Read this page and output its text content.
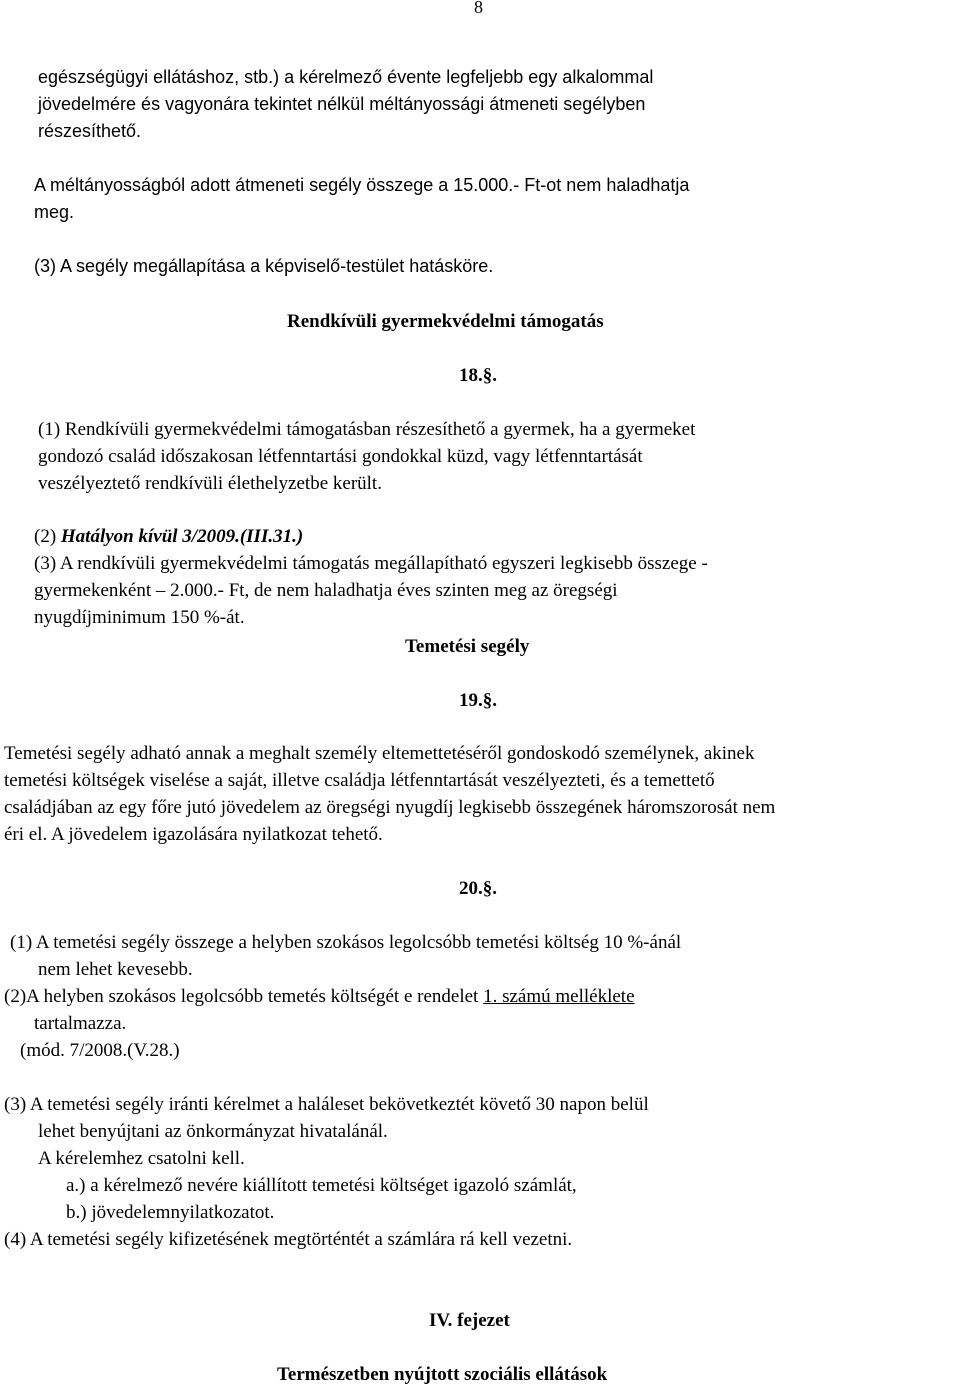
8
egészségügyi ellátáshoz, stb.) a kérelmező évente legfeljebb egy alkalommal
jövedelmére és vagyonára tekintet nélkül méltányossági átmeneti segélyben
részesíthető.
A méltányosságból adott átmeneti segély összege a 15.000.- Ft-ot nem haladhatja
meg.
(3) A segély megállapítása a képviselő-testület hatásköre.
Rendkívüli gyermekvédelmi támogatás
18.§.
(1) Rendkívüli gyermekvédelmi támogatásban részesíthető a gyermek, ha a gyermeket
gondozó család időszakosan létfenntartási gondokkal küzd, vagy létfenntartását
veszélyeztető rendkívüli élethelyzetbe került.
(2) Hatályon kívül 3/2009.(III.31.)
(3) A rendkívüli gyermekvédelmi támogatás megállapítható egyszeri legkisebb összege -
gyermekenként – 2.000.- Ft, de nem haladhatja éves szinten meg az öregségi
nyugdíjminimum 150 %-át.
Temetési segély
19.§.
Temetési segély adható annak a meghalt személy eltemettetéséről gondoskodó személynek, akinek
temetési költségek viselése a saját, illetve családja létfenntartását veszélyezteti, és a temettető
családjában az egy főre jutó jövedelem az öregségi nyugdíj legkisebb összegének háromszorosát nem
éri el. A jövedelem igazolására nyilatkozat tehető.
20.§.
(1) A temetési segély összege a helyben szokásos legolcsóbb temetési költség 10 %-ánál
nem lehet kevesebb.
(2)A helyben szokásos legolcsóbb temetés költségét e rendelet 1. számú melléklete
tartalmazza.
(mód. 7/2008.(V.28.)
(3) A temetési segély iránti kérelmet a haláleset bekövetkeztét követő 30 napon belül
lehet benyújtani az önkormányzat hivatalánál.
A kérelemhez csatolni kell.
a.) a kérelmező nevére kiállított temetési költséget igazoló számlát,
b.) jövedelemnyilatkozatot.
(4) A temetési segély kifizetésének megtörténtét a számlára rá kell vezetni.
IV. fejezet
Természetben nyújtott szociális ellátások
